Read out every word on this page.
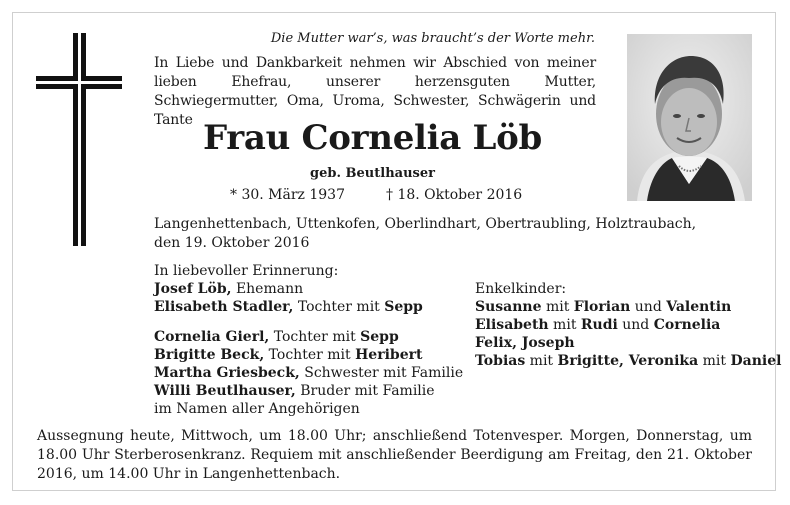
Die Mutter war’s, was braucht’s der Worte mehr.
In Liebe und Dankbarkeit nehmen wir Abschied von meiner lieben Ehefrau, unserer herzensguten Mutter, Schwiegermutter, Oma, Uroma, Schwester, Schwägerin und Tante Frau Cornelia Löb
geb. Beutlhauser
* 30. März 1937	† 18. Oktober 2016
Langenhettenbach, Uttenkofen, Oberlindhart, Obertraubling, Holztraubach,
den 19. Oktober 2016
In liebevoller Erinnerung:
Josef Löb, Ehemann
Elisabeth Stadler, Tochter mit Sepp
Cornelia Gierl, Tochter mit Sepp
Brigitte Beck, Tochter mit Heribert
Martha Griesbeck, Schwester mit Familie
Willi Beutlhauser, Bruder mit Familie
im Namen aller Angehörigen
Enkelkinder:
Susanne mit Florian und Valentin
Elisabeth mit Rudi und Cornelia
Felix, Joseph
Tobias mit Brigitte, Veronika mit Daniel
Aussegnung heute, Mittwoch, um 18.00 Uhr; anschließend Totenvesper. Morgen, Donnerstag, um 18.00 Uhr Sterberosenkranz. Requiem mit anschließender Beerdigung am Freitag, den 21. Oktober 2016, um 14.00 Uhr in Langenhettenbach.
